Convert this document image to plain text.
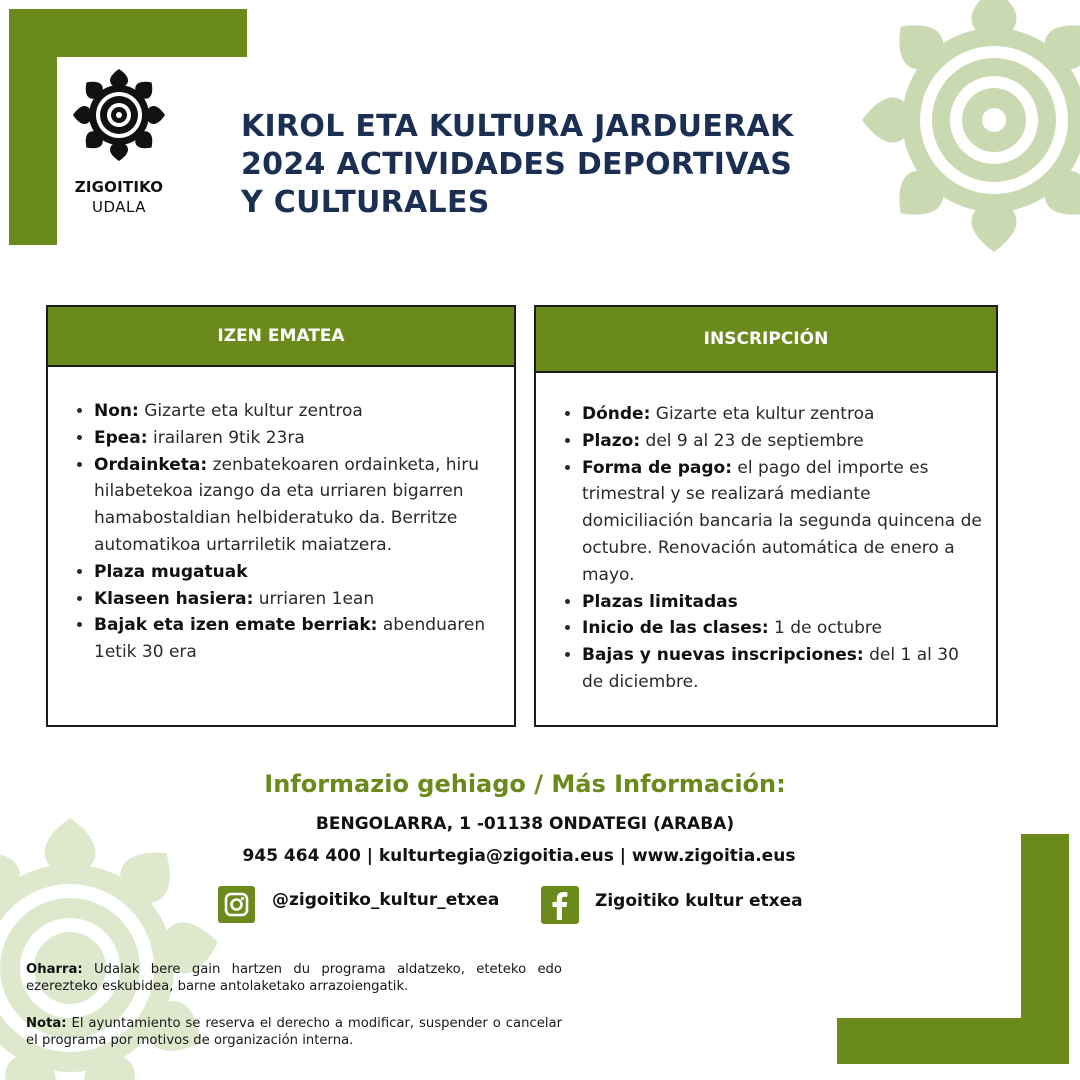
ZIGOITIKO
UDALA
KIROL ETA KULTURA JARDUERAK
2024 ACTIVIDADES DEPORTIVAS
Y CULTURALES
IZEN EMATEA
• Non: Gizarte eta kultur zentroa
• Epea: irailaren 9tik 23ra
• Ordainketa: zenbatekoaren ordainketa, hiru hilabetekoa izango da eta urriaren bigarren hamabostaldian helbideratuko da. Berritze automatikoa urtarriletik maiatzera.
• Plaza mugatuak
• Klaseen hasiera: urriaren 1ean
• Bajak eta izen emate berriak: abenduaren 1etik 30 era
INSCRIPCIÓN
• Dónde: Gizarte eta kultur zentroa
• Plazo: del 9 al 23 de septiembre
• Forma de pago: el pago del importe es trimestral y se realizará mediante domiciliación bancaria la segunda quincena de octubre. Renovación automática de enero a mayo.
• Plazas limitadas
• Inicio de las clases: 1 de octubre
• Bajas y nuevas inscripciones: del 1 al 30 de diciembre.
Informazio gehiago / Más Información:
BENGOLARRA, 1 -01138 ONDATEGI (ARABA)
945 464 400 | kulturtegia@zigoitia.eus | www.zigoitia.eus
@zigoitiko_kultur_etxea	Zigoitiko kultur etxea
Oharra: Udalak bere gain hartzen du programa aldatzeko, eteteko edo ezerezteko eskubidea, barne antolaketako arrazoiengatik.
Nota: El ayuntamiento se reserva el derecho a modificar, suspender o cancelar el programa por motivos de organización interna.
